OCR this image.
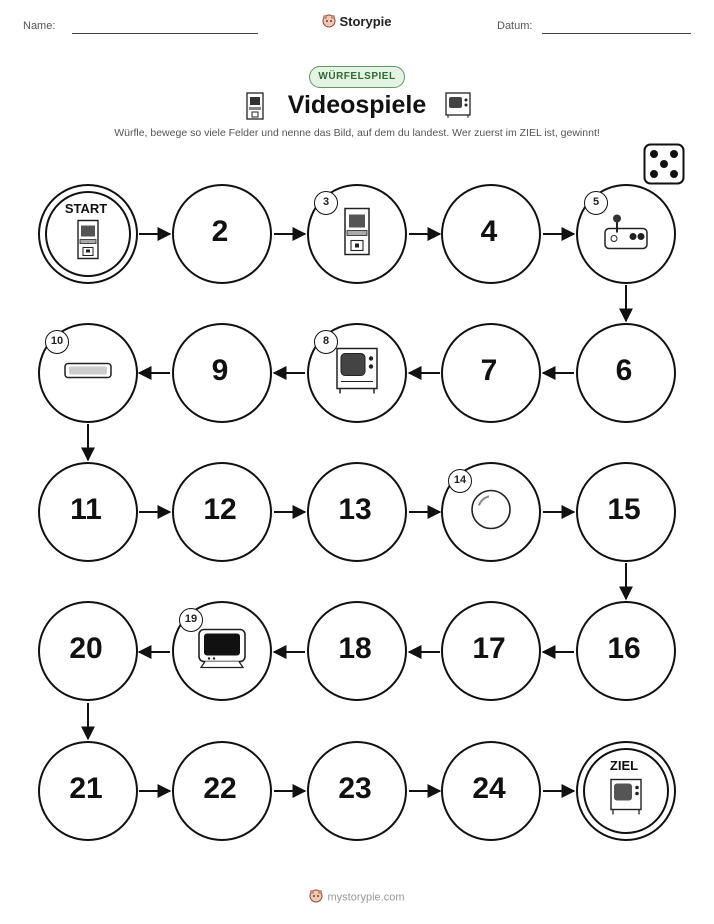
Name:	Storypie	Datum:
WÜRFELSPIEL
Videospiele
Würfle, bewege so viele Felder und nenne das Bild, auf dem du landest. Wer zuerst im ZIEL ist, gewinnt!
START
2
3
4
5
6
7
8
9
10
11	12	13
14
15
16
17
18
19
20
21	22	23	24
ZIEL
mystorypie.com
